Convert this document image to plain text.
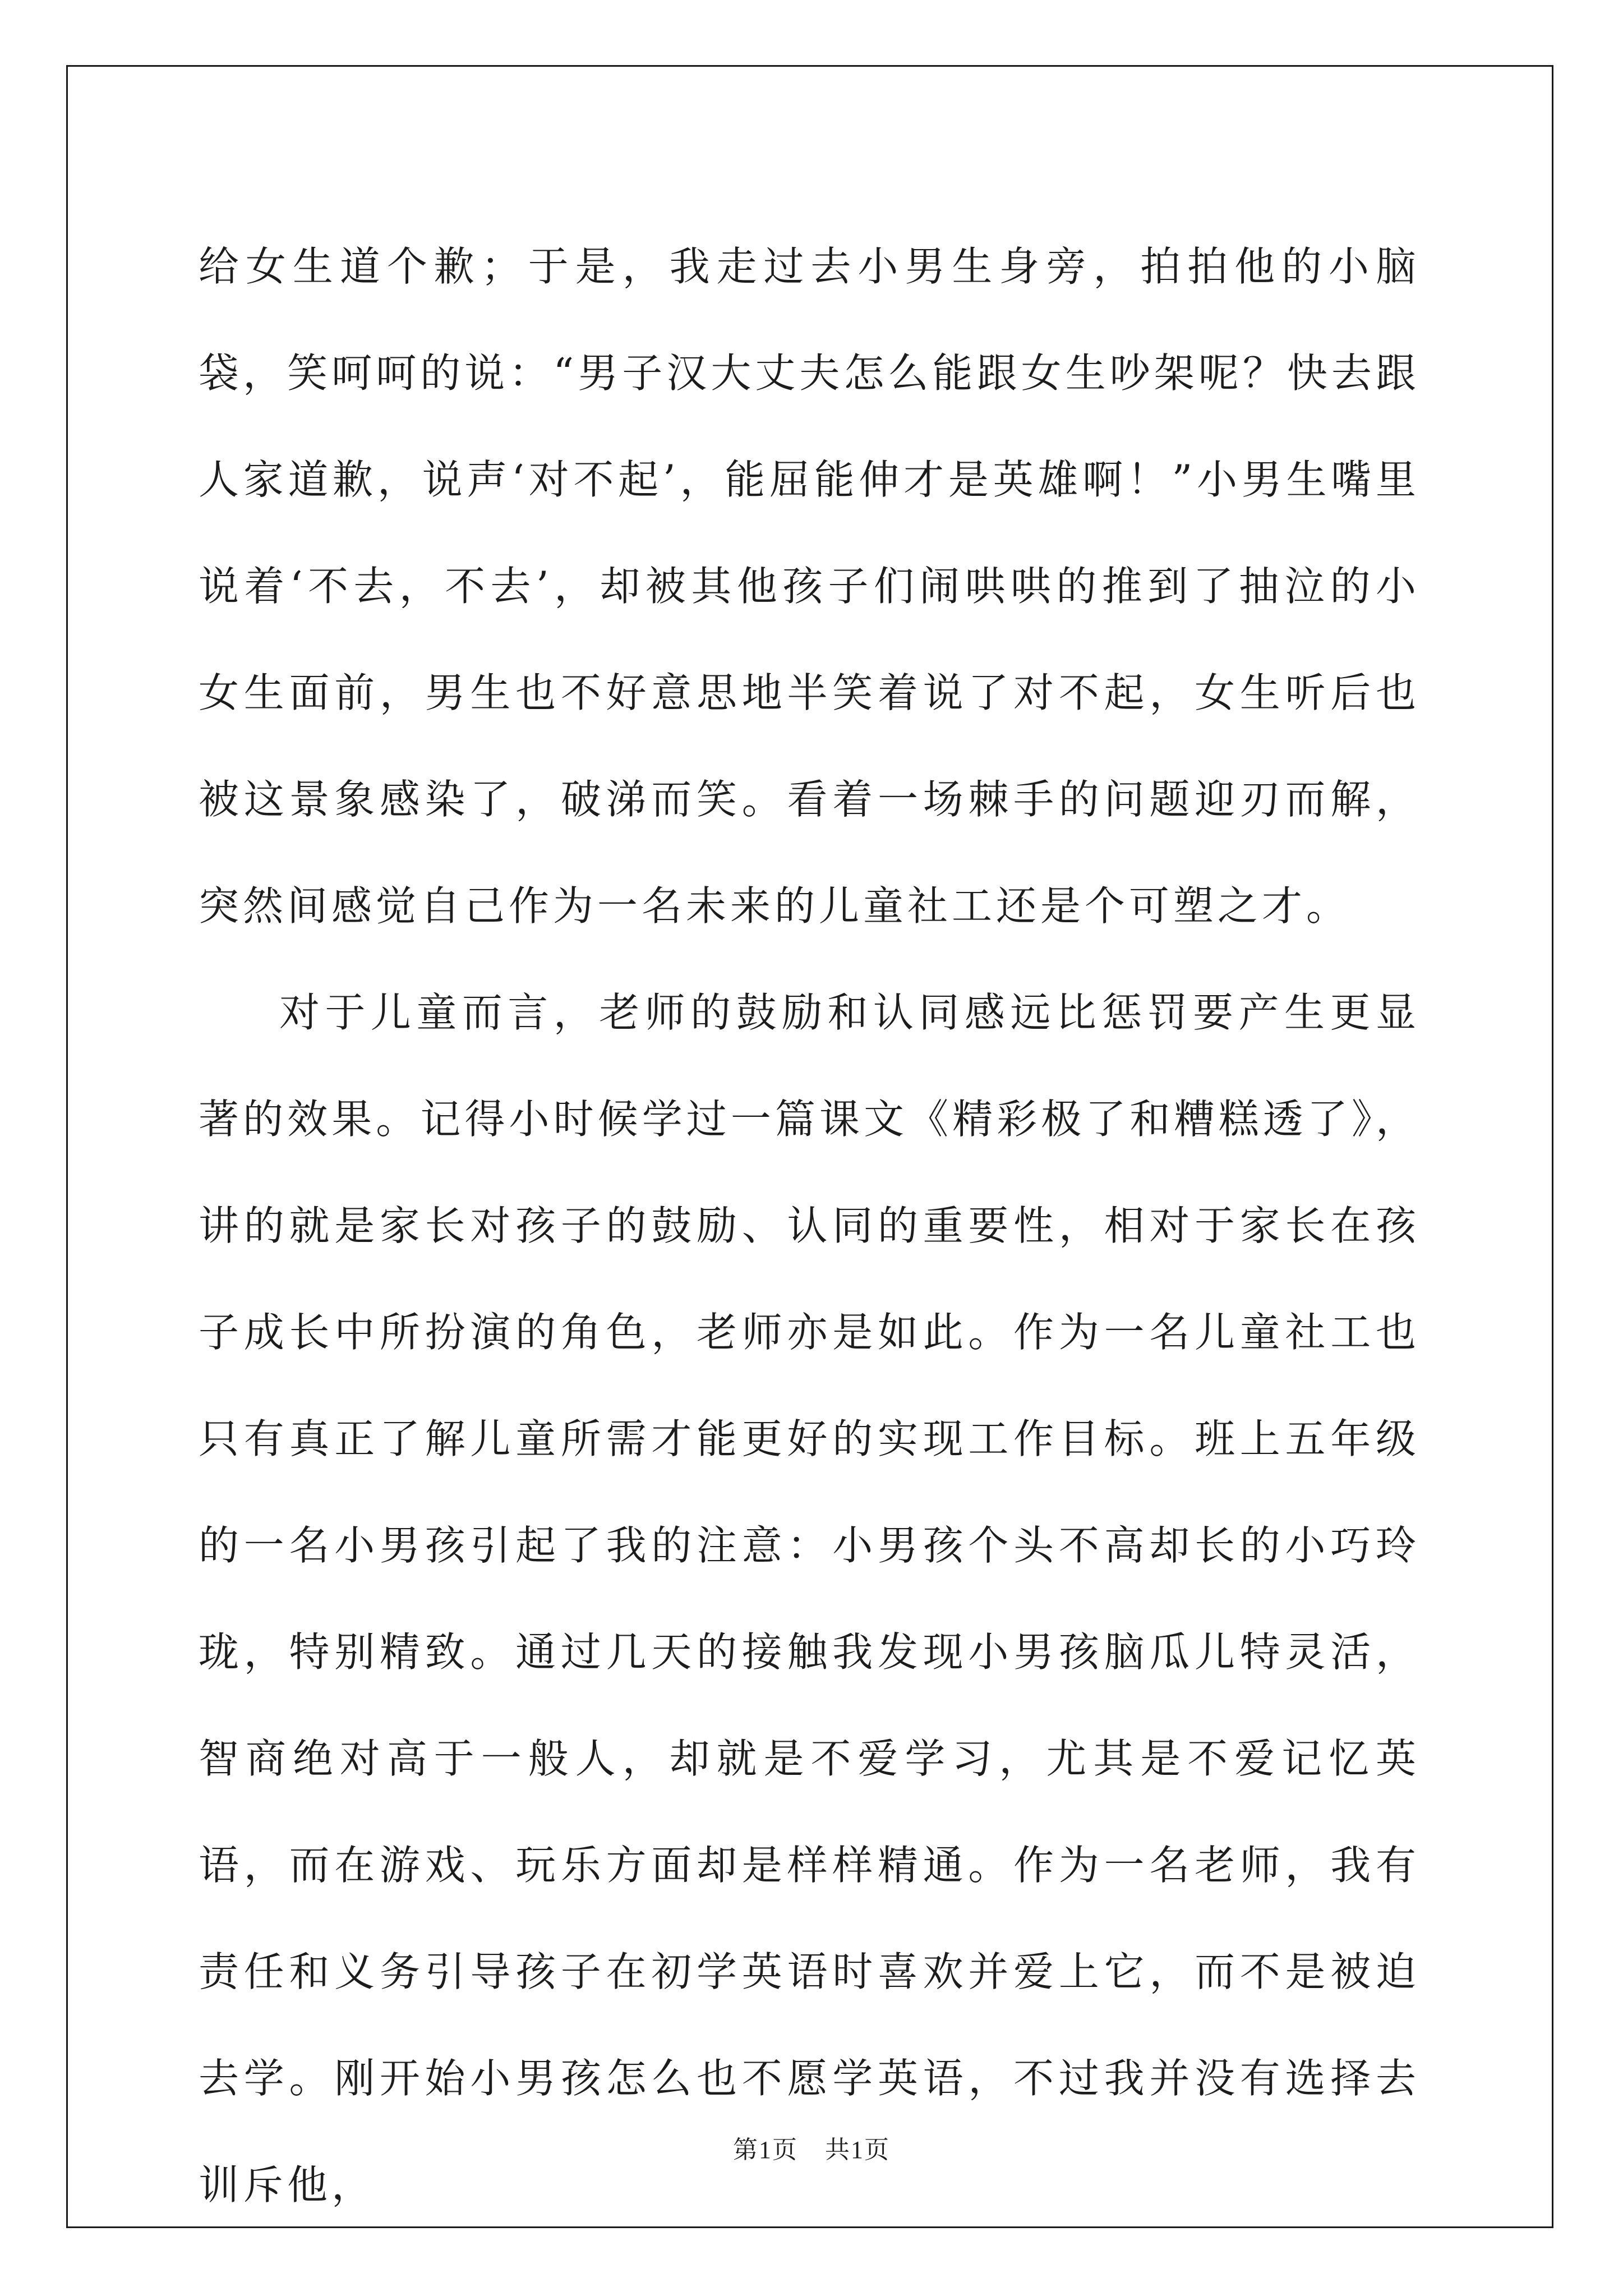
给女生道个歉；于是，我走过去小男生身旁，拍拍他的小脑袋，笑呵呵的说：“男子汉大丈夫怎么能跟女生吵架呢？快去跟人家道歉，说声‘对不起’，能屈能伸才是英雄啊！”小男生嘴里说着‘不去，不去’，却被其他孩子们闹哄哄的推到了抽泣的小女生面前，男生也不好意思地半笑着说了对不起，女生听后也被这景象感染了，破涕而笑。看着一场棘手的问题迎刃而解，突然间感觉自己作为一名未来的儿童社工还是个可塑之才。

对于儿童而言，老师的鼓励和认同感远比惩罚要产生更显著的效果。记得小时候学过一篇课文《精彩极了和糟糕透了》，讲的就是家长对孩子的鼓励、认同的重要性，相对于家长在孩子成长中所扮演的角色，老师亦是如此。作为一名儿童社工也只有真正了解儿童所需才能更好的实现工作目标。班上五年级的一名小男孩引起了我的注意：小男孩个头不高却长的小巧玲珑，特别精致。通过几天的接触我发现小男孩脑瓜儿特灵活，智商绝对高于一般人，却就是不爱学习，尤其是不爱记忆英语，而在游戏、玩乐方面却是样样精通。作为一名老师，我有责任和义务引导孩子在初学英语时喜欢并爱上它，而不是被迫去学。刚开始小男孩怎么也不愿学英语，不过我并没有选择去训斥他，

第1页 共1页
